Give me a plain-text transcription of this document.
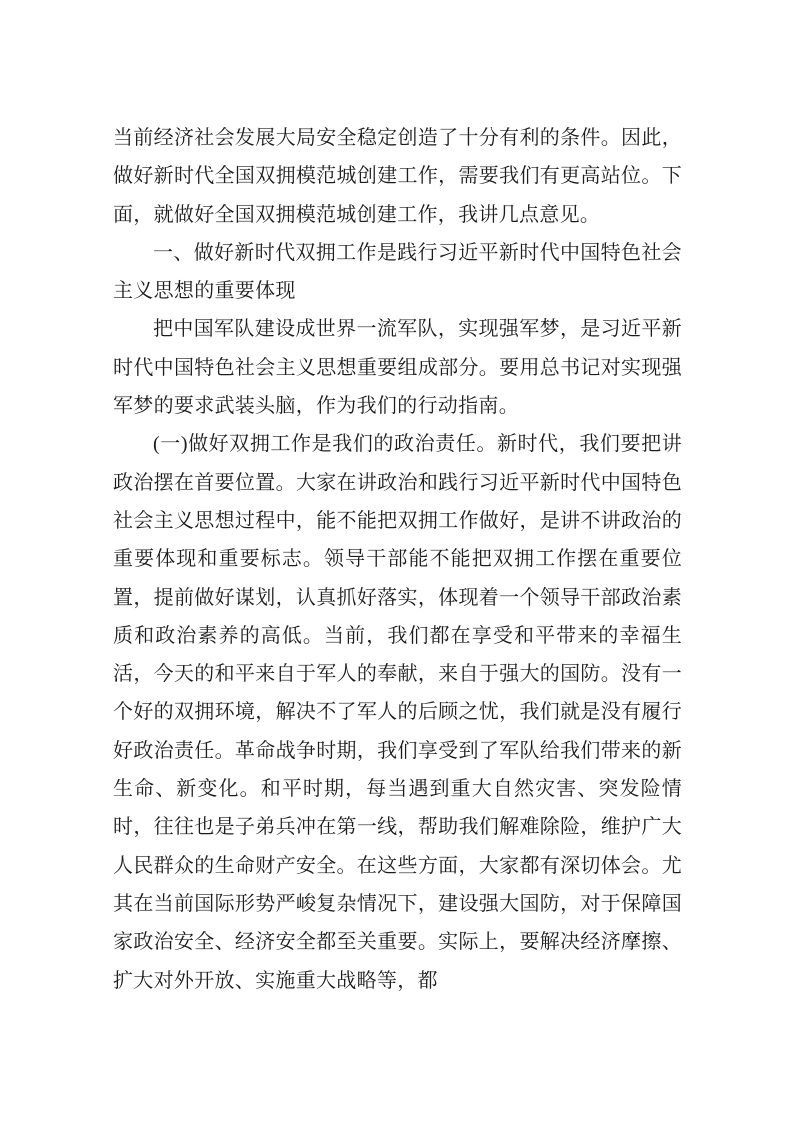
当前经济社会发展大局安全稳定创造了十分有利的条件。因此，做好新时代全国双拥模范城创建工作，需要我们有更高站位。下面，就做好全国双拥模范城创建工作，我讲几点意见。

一、做好新时代双拥工作是践行习近平新时代中国特色社会主义思想的重要体现

把中国军队建设成世界一流军队，实现强军梦，是习近平新时代中国特色社会主义思想重要组成部分。要用总书记对实现强军梦的要求武装头脑，作为我们的行动指南。

(一)做好双拥工作是我们的政治责任。新时代，我们要把讲政治摆在首要位置。大家在讲政治和践行习近平新时代中国特色社会主义思想过程中，能不能把双拥工作做好，是讲不讲政治的重要体现和重要标志。领导干部能不能把双拥工作摆在重要位置，提前做好谋划，认真抓好落实，体现着一个领导干部政治素质和政治素养的高低。当前，我们都在享受和平带来的幸福生活，今天的和平来自于军人的奉献，来自于强大的国防。没有一个好的双拥环境，解决不了军人的后顾之忧，我们就是没有履行好政治责任。革命战争时期，我们享受到了军队给我们带来的新生命、新变化。和平时期，每当遇到重大自然灾害、突发险情时，往往也是子弟兵冲在第一线，帮助我们解难除险，维护广大人民群众的生命财产安全。在这些方面，大家都有深切体会。尤其在当前国际形势严峻复杂情况下，建设强大国防，对于保障国家政治安全、经济安全都至关重要。实际上，要解决经济摩擦、扩大对外开放、实施重大战略等，都
